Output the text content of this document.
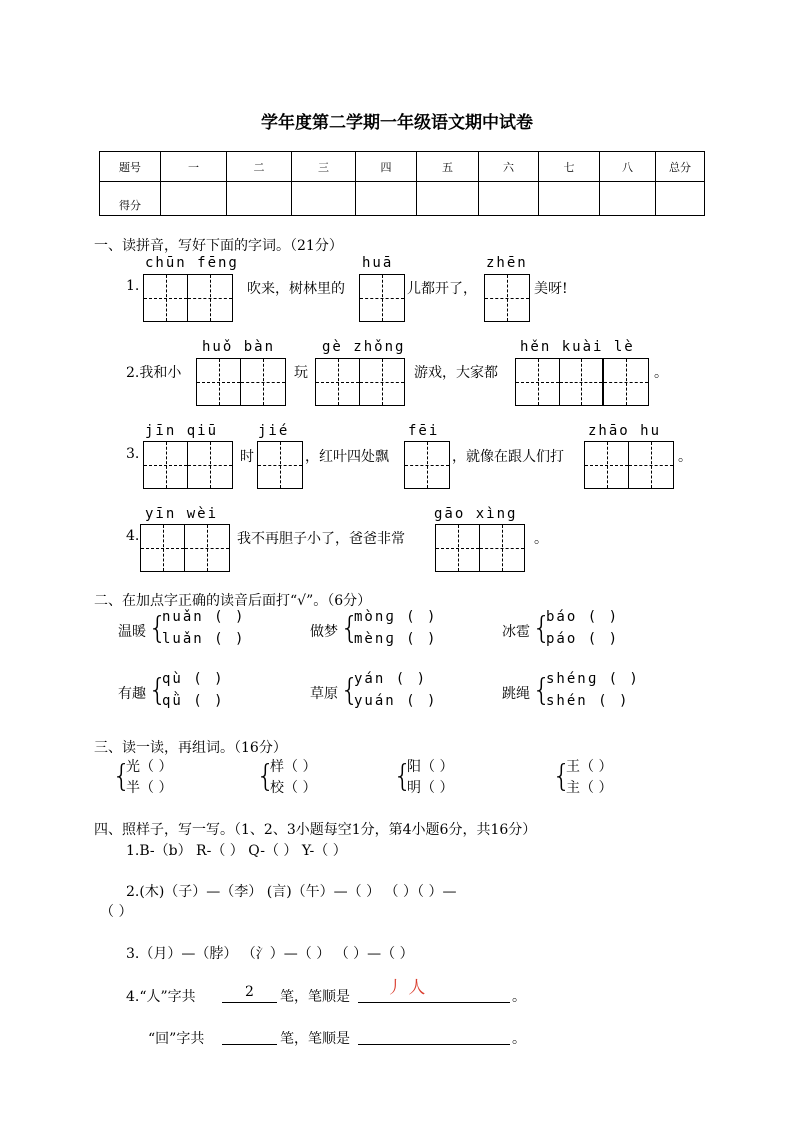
学年度第二学期一年级语文期中试卷
题号	一	二	三	四	五	六	七	八	总分
得分									
一、读拼音，写好下面的字词。（21分）
chūn fēng	huā	zhēn
1.	吹来，树林里的	儿都开了，	美呀!
huǒ bàn	gè zhǒng	hěn kuài lè
2.我和小	玩	游戏，大家都	。
jīn qiū	jié	fēi	zhāo hu
3.	时	，红叶四处飘	，就像在跟人们打	。
yīn wèi	gāo xìng
4.	我不再胆子小了，爸爸非常	。
二、在加点字正确的读音后面打“√”。（6分）
温暖 {
nuǎn ( )
luǎn ( )	做梦 {
mònɡ ( )
mènɡ ( )	冰雹 {
báo ( )
páo ( )
有趣 {
qù ( )
qǜ ( )	草原 {
yán ( )
yuán ( )	跳绳 {
shénɡ ( )
shén ( )
三、读一读，再组词。（16分）
{
光（ ）
半（ ）	{
样（ ）
校（ ）	{
阳（ ）
明（ ）	{
王（ ）
主（ ）
四、照样子，写一写。（1、2、3小题每空1分，第4小题6分，共16分）
1.B-（b） R-（ ） Q-（ ） Y-（ ）
2.(木)（子）—（李） (言)（午）—（ ） （ ）（ ）—
（ ）
3.（月）—（脖） （氵）—（ ） （ ）—（ ）
4.“人”字共	2 笔，笔顺是 丿 人	。
“回”字共	笔，笔顺是	。
